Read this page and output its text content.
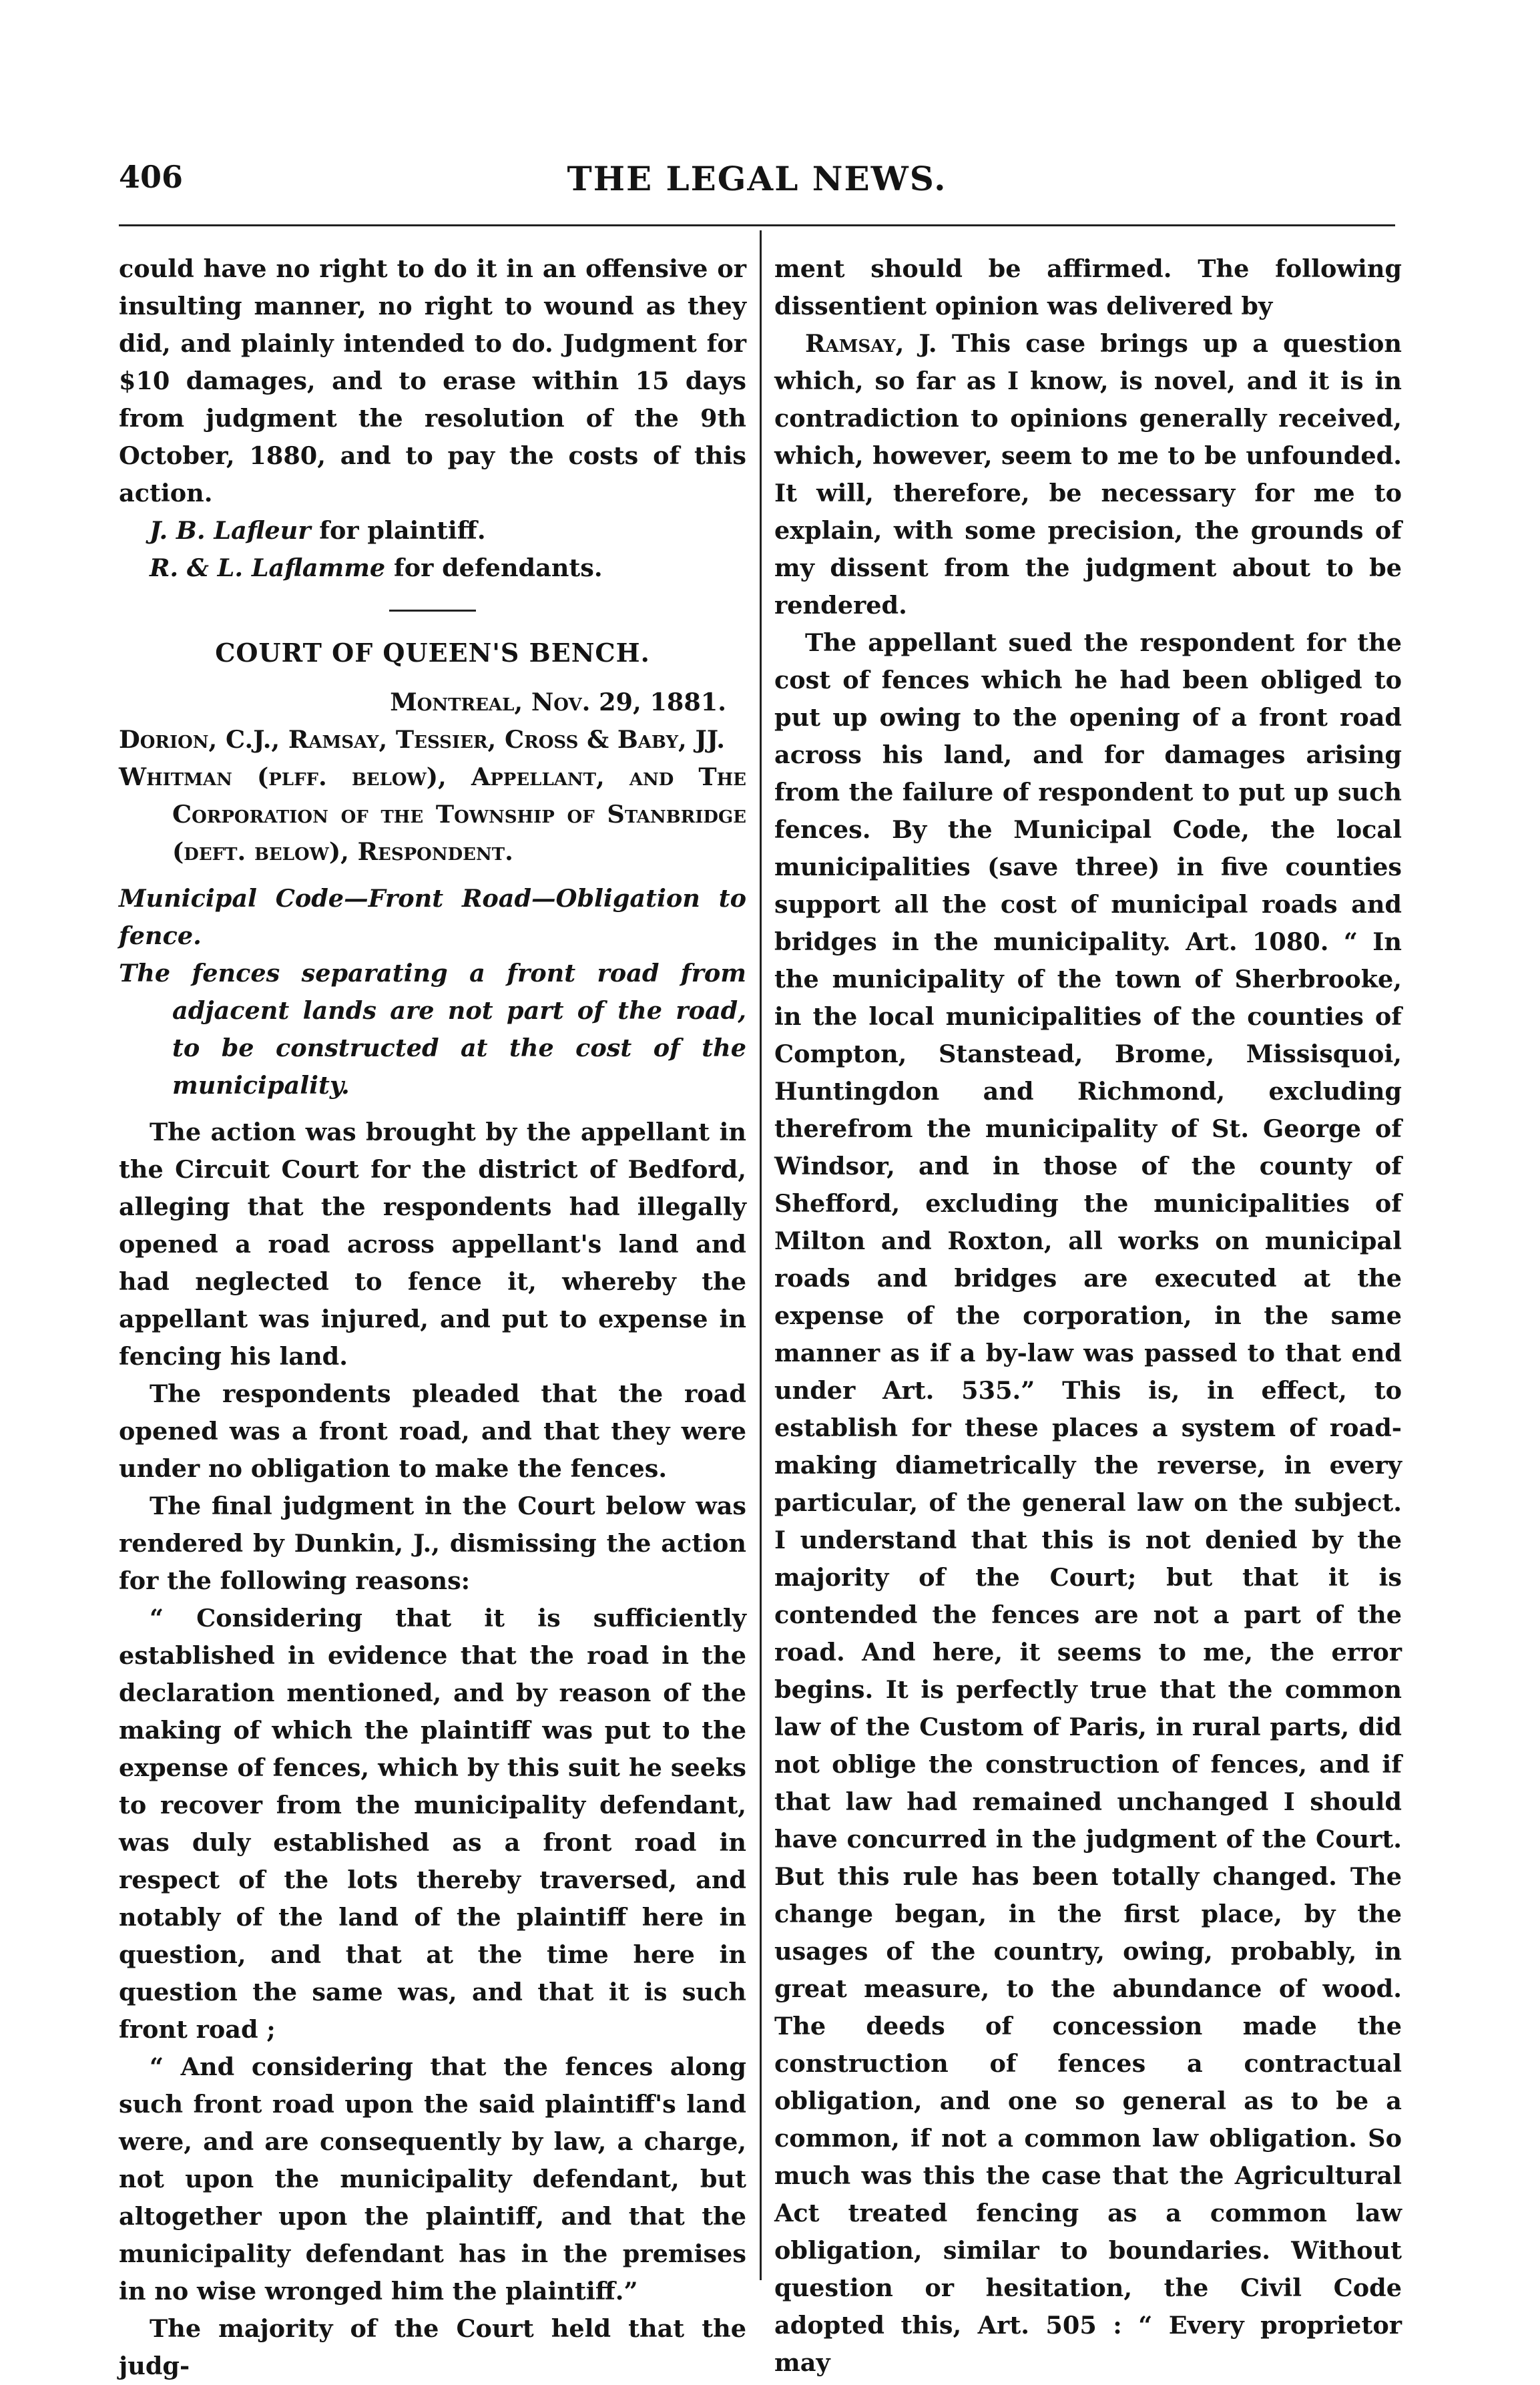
406	THE LEGAL NEWS.

could have no right to do it in an offensive or insulting manner, no right to wound as they did, and plainly intended to do. Judgment for $10 damages, and to erase within 15 days from judgment the resolution of the 9th October, 1880, and to pay the costs of this action.

J. B. Lafleur for plaintiff.
R. & L. Laflamme for defendants.
COURT OF QUEEN'S BENCH.
Montreal, Nov. 29, 1881.

Dorion, C.J., Ramsay, Tessier, Cross & Baby, JJ.

Whitman (plff. below), Appellant, and The Corporation of the Township of Stanbridge (deft. below), Respondent.

Municipal Code—Front Road—Obligation to fence.

The fences separating a front road from adjacent lands are not part of the road, to be constructed at the cost of the municipality.

The action was brought by the appellant in the Circuit Court for the district of Bedford, alleging that the respondents had illegally opened a road across appellant's land and had neglected to fence it, whereby the appellant was injured, and put to expense in fencing his land.

The respondents pleaded that the road opened was a front road, and that they were under no obligation to make the fences.

The final judgment in the Court below was rendered by Dunkin, J., dismissing the action for the following reasons:

“ Considering that it is sufficiently established in evidence that the road in the declaration mentioned, and by reason of the making of which the plaintiff was put to the expense of fences, which by this suit he seeks to recover from the municipality defendant, was duly established as a front road in respect of the lots thereby traversed, and notably of the land of the plaintiff here in question, and that at the time here in question the same was, and that it is such front road ;

“ And considering that the fences along such front road upon the said plaintiff's land were, and are consequently by law, a charge, not upon the municipality defendant, but altogether upon the plaintiff, and that the municipality defendant has in the premises in no wise wronged him the plaintiff.”

The majority of the Court held that the judg-

ment should be affirmed. The following dissentient opinion was delivered by

Ramsay, J. This case brings up a question which, so far as I know, is novel, and it is in contradiction to opinions generally received, which, however, seem to me to be unfounded. It will, therefore, be necessary for me to explain, with some precision, the grounds of my dissent from the judgment about to be rendered.

The appellant sued the respondent for the cost of fences which he had been obliged to put up owing to the opening of a front road across his land, and for damages arising from the failure of respondent to put up such fences. By the Municipal Code, the local municipalities (save three) in five counties support all the cost of municipal roads and bridges in the municipality. Art. 1080. “ In the municipality of the town of Sherbrooke, in the local municipalities of the counties of Compton, Stanstead, Brome, Missisquoi, Huntingdon and Richmond, excluding therefrom the municipality of St. George of Windsor, and in those of the county of Shefford, excluding the municipalities of Milton and Roxton, all works on municipal roads and bridges are executed at the expense of the corporation, in the same manner as if a by-law was passed to that end under Art. 535.” This is, in effect, to establish for these places a system of road-making diametrically the reverse, in every particular, of the general law on the subject. I understand that this is not denied by the majority of the Court; but that it is contended the fences are not a part of the road. And here, it seems to me, the error begins. It is perfectly true that the common law of the Custom of Paris, in rural parts, did not oblige the construction of fences, and if that law had remained unchanged I should have concurred in the judgment of the Court. But this rule has been totally changed. The change began, in the first place, by the usages of the country, owing, probably, in great measure, to the abundance of wood. The deeds of concession made the construction of fences a contractual obligation, and one so general as to be a common, if not a common law obligation. So much was this the case that the Agricultural Act treated fencing as a common law obligation, similar to boundaries. Without question or hesitation, the Civil Code adopted this, Art. 505 : “ Every proprietor may
